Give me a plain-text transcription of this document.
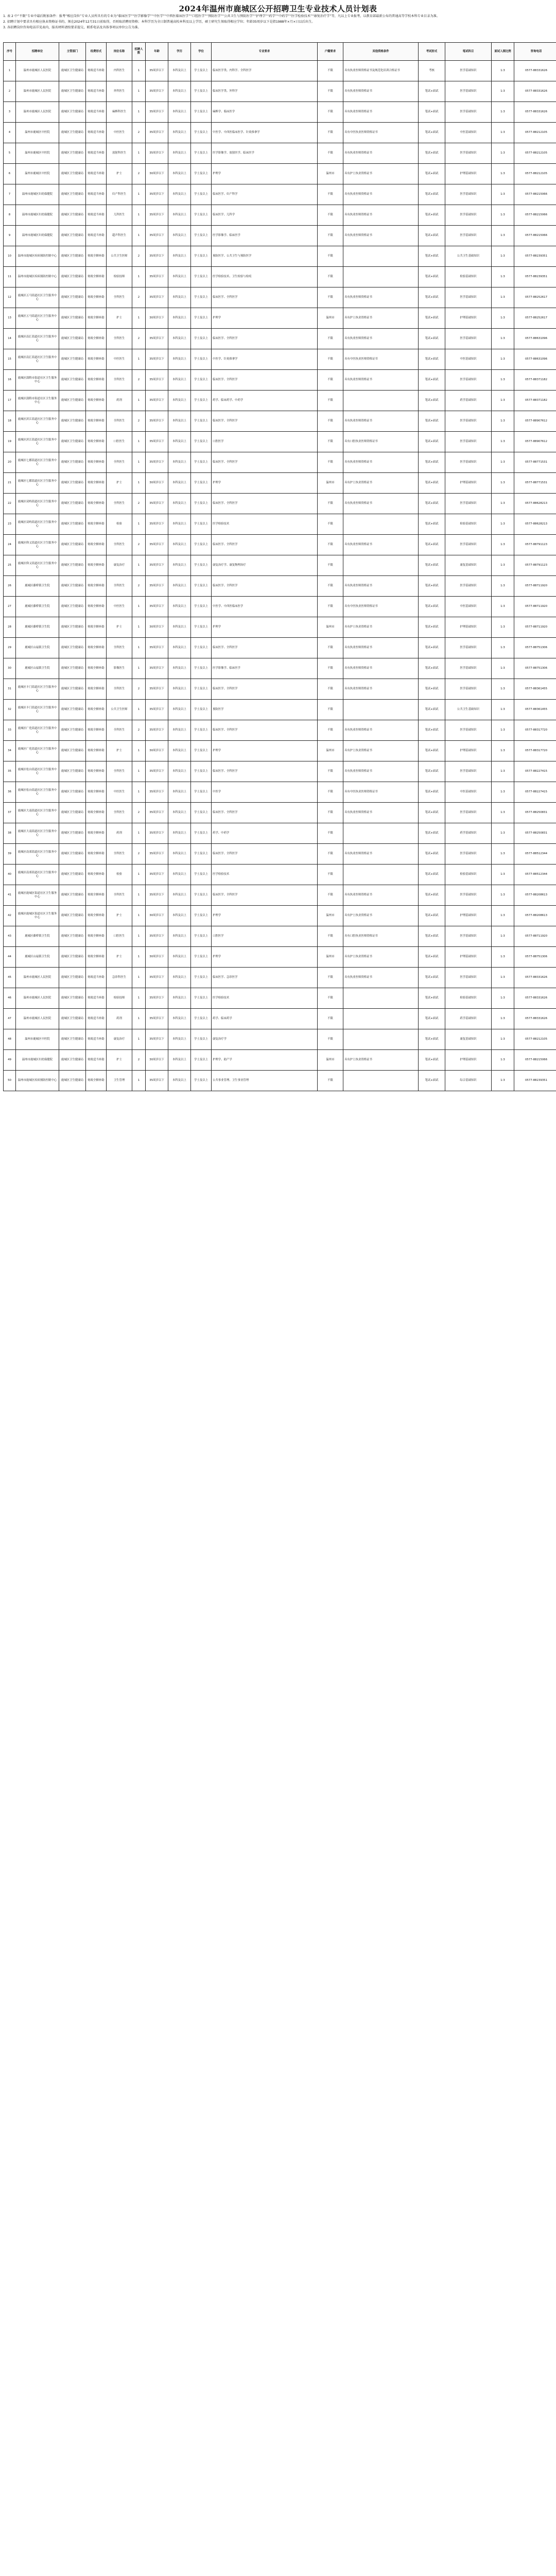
2024年温州市鹿城区公开招聘卫生专业技术人员计划表

1. 表 2 中“不限”专业中最后附加条件：报考“相应岗位”专业人员所具有的专业为“临床医学”“医学影像学”“中医学”“中西医临床医学”“口腔医学”“预防医学”“公共卫生与预防医学”“护理学”“药学”“中药学”“医学检验技术”“康复治疗学”等，凡以上专业报考，以教育部最新公布的普通高等学校本科专业目录为准。

2. 招聘计划中要求具有相应执业资格证书的，须在2024年12月31日前取得，否则取消聘用资格；本科学历为全日制普通高校本科及以上学历，硕士研究生须取得相应学位；年龄35周岁以下是指1988年×月×日以后出生。

3. 各招聘岗位咨询电话详见表内，报名材料请按要求提交，联系电话及具体事项以单位公告为准。

序号	招聘单位	主管部门	经费形式	岗位名称	招聘人数	年龄	学历	学位	专业要求	户籍要求	其他资格条件	考试形式	笔试科目	面试入围比例	咨询电话
1	温州市鹿城区人民医院	鹿城区卫生健康局	财政适当补助	内科医生	1	35周岁以下	本科及以上	学士及以上	临床医学类、内科学、全科医学	不限	具有执业医师资格证书及规范化培训合格证书	考核	医学基础知识	1:3	0577-88331626
2	温州市鹿城区人民医院	鹿城区卫生健康局	财政适当补助	外科医生	1	35周岁以下	本科及以上	学士及以上	临床医学类、外科学	不限	具有执业医师资格证书	笔试+面试	医学基础知识	1:3	0577-88331626
3	温州市鹿城区人民医院	鹿城区卫生健康局	财政适当补助	麻醉科医生	1	35周岁以下	本科及以上	学士及以上	麻醉学、临床医学	不限	具有执业医师资格证书	笔试+面试	医学基础知识	1:3	0577-88331626
4	温州市鹿城区中医院	鹿城区卫生健康局	财政适当补助	中医医生	2	35周岁以下	本科及以上	学士及以上	中医学、中西医临床医学、针灸推拿学	不限	具有中医执业医师资格证书	笔试+面试	中医基础知识	1:3	0577-88212105
5	温州市鹿城区中医院	鹿城区卫生健康局	财政适当补助	放射科医生	1	35周岁以下	本科及以上	学士及以上	医学影像学、放射医学、临床医学	不限	具有执业医师资格证书	笔试+面试	医学基础知识	1:3	0577-88212105
6	温州市鹿城区中医院	鹿城区卫生健康局	财政适当补助	护士	2	30周岁以下	本科及以上	学士及以上	护理学	温州市	具有护士执业资格证书	笔试+面试	护理基础知识	1:3	0577-88212105
7	温州市鹿城区妇幼保健院	鹿城区卫生健康局	财政适当补助	妇产科医生	1	35周岁以下	本科及以上	学士及以上	临床医学、妇产科学	不限	具有执业医师资格证书	笔试+面试	医学基础知识	1:3	0577-88215066
8	温州市鹿城区妇幼保健院	鹿城区卫生健康局	财政适当补助	儿科医生	1	35周岁以下	本科及以上	学士及以上	临床医学、儿科学	不限	具有执业医师资格证书	笔试+面试	医学基础知识	1:3	0577-88215066
9	温州市鹿城区妇幼保健院	鹿城区卫生健康局	财政适当补助	超声科医生	1	35周岁以下	本科及以上	学士及以上	医学影像学、临床医学	不限	具有执业医师资格证书	笔试+面试	医学基础知识	1:3	0577-88215066
10	温州市鹿城区疾病预防控制中心	鹿城区卫生健康局	财政全额补助	公共卫生医师	2	35周岁以下	本科及以上	学士及以上	预防医学、公共卫生与预防医学	不限		笔试+面试	公共卫生基础知识	1:3	0577-88239351
11	温州市鹿城区疾病预防控制中心	鹿城区卫生健康局	财政全额补助	检验技师	1	35周岁以下	本科及以上	学士及以上	医学检验技术、卫生检验与检疫	不限		笔试+面试	检验基础知识	1:3	0577-88239351
12	鹿城区五马街道社区卫生服务中心	鹿城区卫生健康局	财政全额补助	全科医生	2	35周岁以下	本科及以上	学士及以上	临床医学、全科医学	不限	具有执业医师资格证书	笔试+面试	医学基础知识	1:3	0577-88252617
13	鹿城区五马街道社区卫生服务中心	鹿城区卫生健康局	财政全额补助	护士	1	30周岁以下	本科及以上	学士及以上	护理学	温州市	具有护士执业资格证书	笔试+面试	护理基础知识	1:3	0577-88252617
14	鹿城区南汇街道社区卫生服务中心	鹿城区卫生健康局	财政全额补助	全科医生	2	35周岁以下	本科及以上	学士及以上	临床医学、全科医学	不限	具有执业医师资格证书	笔试+面试	医学基础知识	1:3	0577-88631096
15	鹿城区南汇街道社区卫生服务中心	鹿城区卫生健康局	财政全额补助	中医医生	1	35周岁以下	本科及以上	学士及以上	中医学、针灸推拿学	不限	具有中医执业医师资格证书	笔试+面试	中医基础知识	1:3	0577-88631096
16	鹿城区蒲鞋市街道社区卫生服务中心	鹿城区卫生健康局	财政全额补助	全科医生	2	35周岁以下	本科及以上	学士及以上	临床医学、全科医学	不限	具有执业医师资格证书	笔试+面试	医学基础知识	1:3	0577-88371182
17	鹿城区蒲鞋市街道社区卫生服务中心	鹿城区卫生健康局	财政全额补助	药剂	1	35周岁以下	本科及以上	学士及以上	药学、临床药学、中药学	不限		笔试+面试	药学基础知识	1:3	0577-88371182
18	鹿城区滨江街道社区卫生服务中心	鹿城区卫生健康局	财政全额补助	全科医生	2	35周岁以下	本科及以上	学士及以上	临床医学、全科医学	不限	具有执业医师资格证书	笔试+面试	医学基础知识	1:3	0577-88907612
19	鹿城区滨江街道社区卫生服务中心	鹿城区卫生健康局	财政全额补助	口腔医生	1	35周岁以下	本科及以上	学士及以上	口腔医学	不限	具有口腔执业医师资格证书	笔试+面试	医学基础知识	1:3	0577-88907612
20	鹿城区七都街道社区卫生服务中心	鹿城区卫生健康局	财政全额补助	全科医生	1	35周岁以下	本科及以上	学士及以上	临床医学、全科医学	不限	具有执业医师资格证书	笔试+面试	医学基础知识	1:3	0577-88771531
21	鹿城区七都街道社区卫生服务中心	鹿城区卫生健康局	财政全额补助	护士	1	30周岁以下	本科及以上	学士及以上	护理学	温州市	具有护士执业资格证书	笔试+面试	护理基础知识	1:3	0577-88771531
22	鹿城区双屿街道社区卫生服务中心	鹿城区卫生健康局	财政全额补助	全科医生	2	35周岁以下	本科及以上	学士及以上	临床医学、全科医学	不限	具有执业医师资格证书	笔试+面试	医学基础知识	1:3	0577-88628213
23	鹿城区双屿街道社区卫生服务中心	鹿城区卫生健康局	财政全额补助	检验	1	35周岁以下	本科及以上	学士及以上	医学检验技术	不限		笔试+面试	检验基础知识	1:3	0577-88628213
24	鹿城区仰义街道社区卫生服务中心	鹿城区卫生健康局	财政全额补助	全科医生	2	35周岁以下	本科及以上	学士及以上	临床医学、全科医学	不限	具有执业医师资格证书	笔试+面试	医学基础知识	1:3	0577-88791123
25	鹿城区仰义街道社区卫生服务中心	鹿城区卫生健康局	财政全额补助	康复治疗	1	35周岁以下	本科及以上	学士及以上	康复治疗学、康复物理治疗	不限		笔试+面试	康复基础知识	1:3	0577-88791123
26	鹿城区藤桥镇卫生院	鹿城区卫生健康局	财政全额补助	全科医生	2	35周岁以下	本科及以上	学士及以上	临床医学、全科医学	不限	具有执业医师资格证书	笔试+面试	医学基础知识	1:3	0577-88711920
27	鹿城区藤桥镇卫生院	鹿城区卫生健康局	财政全额补助	中医医生	1	35周岁以下	本科及以上	学士及以上	中医学、中西医临床医学	不限	具有中医执业医师资格证书	笔试+面试	中医基础知识	1:3	0577-88711920
28	鹿城区藤桥镇卫生院	鹿城区卫生健康局	财政全额补助	护士	1	30周岁以下	本科及以上	学士及以上	护理学	温州市	具有护士执业资格证书	笔试+面试	护理基础知识	1:3	0577-88711920
29	鹿城区山福镇卫生院	鹿城区卫生健康局	财政全额补助	全科医生	1	35周岁以下	本科及以上	学士及以上	临床医学、全科医学	不限	具有执业医师资格证书	笔试+面试	医学基础知识	1:3	0577-88751306
30	鹿城区山福镇卫生院	鹿城区卫生健康局	财政全额补助	影像医生	1	35周岁以下	本科及以上	学士及以上	医学影像学、临床医学	不限	具有执业医师资格证书	笔试+面试	医学基础知识	1:3	0577-88751306
31	鹿城区丰门街道社区卫生服务中心	鹿城区卫生健康局	财政全额补助	全科医生	2	35周岁以下	本科及以上	学士及以上	临床医学、全科医学	不限	具有执业医师资格证书	笔试+面试	医学基础知识	1:3	0577-88361455
32	鹿城区丰门街道社区卫生服务中心	鹿城区卫生健康局	财政全额补助	公共卫生医师	1	35周岁以下	本科及以上	学士及以上	预防医学	不限		笔试+面试	公共卫生基础知识	1:3	0577-88361455
33	鹿城区广化街道社区卫生服务中心	鹿城区卫生健康局	财政全额补助	全科医生	2	35周岁以下	本科及以上	学士及以上	临床医学、全科医学	不限	具有执业医师资格证书	笔试+面试	医学基础知识	1:3	0577-88317720
34	鹿城区广化街道社区卫生服务中心	鹿城区卫生健康局	财政全额补助	护士	1	30周岁以下	本科及以上	学士及以上	护理学	温州市	具有护士执业资格证书	笔试+面试	护理基础知识	1:3	0577-88317720
35	鹿城区松台街道社区卫生服务中心	鹿城区卫生健康局	财政全额补助	全科医生	1	35周岁以下	本科及以上	学士及以上	临床医学、全科医学	不限	具有执业医师资格证书	笔试+面试	医学基础知识	1:3	0577-88227415
36	鹿城区松台街道社区卫生服务中心	鹿城区卫生健康局	财政全额补助	中医医生	1	35周岁以下	本科及以上	学士及以上	中医学	不限	具有中医执业医师资格证书	笔试+面试	中医基础知识	1:3	0577-88227415
37	鹿城区大南街道社区卫生服务中心	鹿城区卫生健康局	财政全额补助	全科医生	2	35周岁以下	本科及以上	学士及以上	临床医学、全科医学	不限	具有执业医师资格证书	笔试+面试	医学基础知识	1:3	0577-88250831
38	鹿城区大南街道社区卫生服务中心	鹿城区卫生健康局	财政全额补助	药剂	1	35周岁以下	本科及以上	学士及以上	药学、中药学	不限		笔试+面试	药学基础知识	1:3	0577-88250831
39	鹿城区南郊街道社区卫生服务中心	鹿城区卫生健康局	财政全额补助	全科医生	2	35周岁以下	本科及以上	学士及以上	临床医学、全科医学	不限	具有执业医师资格证书	笔试+面试	医学基础知识	1:3	0577-88512344
40	鹿城区南郊街道社区卫生服务中心	鹿城区卫生健康局	财政全额补助	检验	1	35周岁以下	本科及以上	学士及以上	医学检验技术	不限		笔试+面试	检验基础知识	1:3	0577-88512344
41	鹿城区鹿城区街道社区卫生服务中心	鹿城区卫生健康局	财政全额补助	全科医生	1	35周岁以下	本科及以上	学士及以上	临床医学、全科医学	不限	具有执业医师资格证书	笔试+面试	医学基础知识	1:3	0577-88208613
42	鹿城区鹿城区街道社区卫生服务中心	鹿城区卫生健康局	财政全额补助	护士	1	30周岁以下	本科及以上	学士及以上	护理学	温州市	具有护士执业资格证书	笔试+面试	护理基础知识	1:3	0577-88208613
43	鹿城区藤桥镇卫生院	鹿城区卫生健康局	财政全额补助	口腔医生	1	35周岁以下	本科及以上	学士及以上	口腔医学	不限	具有口腔执业医师资格证书	笔试+面试	医学基础知识	1:3	0577-88711920
44	鹿城区山福镇卫生院	鹿城区卫生健康局	财政全额补助	护士	1	30周岁以下	本科及以上	学士及以上	护理学	温州市	具有护士执业资格证书	笔试+面试	护理基础知识	1:3	0577-88751306
45	温州市鹿城区人民医院	鹿城区卫生健康局	财政适当补助	急诊科医生	1	35周岁以下	本科及以上	学士及以上	临床医学、急诊医学	不限	具有执业医师资格证书	笔试+面试	医学基础知识	1:3	0577-88331626
46	温州市鹿城区人民医院	鹿城区卫生健康局	财政适当补助	检验技师	1	35周岁以下	本科及以上	学士及以上	医学检验技术	不限		笔试+面试	检验基础知识	1:3	0577-88331626
47	温州市鹿城区人民医院	鹿城区卫生健康局	财政适当补助	药剂	1	35周岁以下	本科及以上	学士及以上	药学、临床药学	不限		笔试+面试	药学基础知识	1:3	0577-88331626
48	温州市鹿城区中医院	鹿城区卫生健康局	财政适当补助	康复治疗	1	35周岁以下	本科及以上	学士及以上	康复治疗学	不限		笔试+面试	康复基础知识	1:3	0577-88212105
49	温州市鹿城区妇幼保健院	鹿城区卫生健康局	财政适当补助	护士	2	30周岁以下	本科及以上	学士及以上	护理学、助产学	温州市	具有护士执业资格证书	笔试+面试	护理基础知识	1:3	0577-88215066
50	温州市鹿城区疾病预防控制中心	鹿城区卫生健康局	财政全额补助	卫生管理	1	35周岁以下	本科及以上	学士及以上	公共事业管理、卫生事业管理	不限		笔试+面试	综合基础知识	1:3	0577-88239351
